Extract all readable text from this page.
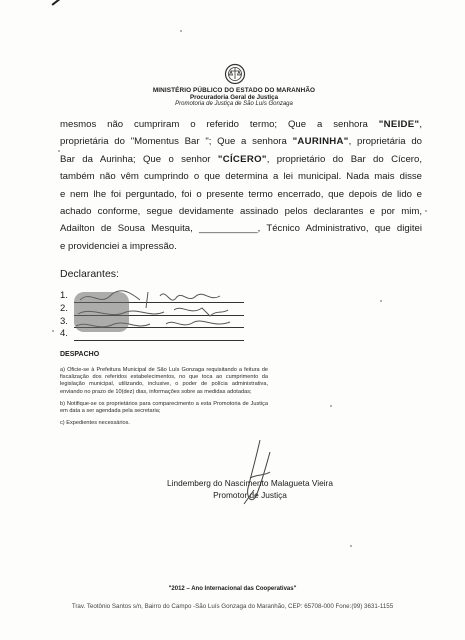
MINISTÉRIO PÚBLICO DO ESTADO DO MARANHÃO
Procuradoria Geral de Justiça
Promotoria de Justiça de São Luís Gonzaga
mesmos não cumpriram o referido termo; Que a senhora "NEIDE",
proprietária do "Momentus Bar "; Que a senhora "AURINHA", proprietária do
Bar da Aurinha; Que o senhor "CÍCERO", proprietário do Bar do Cícero,
também não vêm cumprindo o que determina a lei municipal. Nada mais disse
e nem lhe foi perguntado, foi o presente termo encerrado, que depois de lido e
achado conforme, segue devidamente assinado pelos declarantes e por mim,
Adailton de Sousa Mesquita, ___________, Técnico Administrativo, que digitei
e providenciei a impressão.
Declarantes:
1.
2.
3.
4.
DESPACHO

a) Oficie-se à Prefeitura Municipal de São Luís Gonzaga requisitando a feitura de fiscalização dos referidos estabelecimentos, no que toca ao cumprimento da legislação municipal, utilizando, inclusive, o poder de polícia administrativa, enviando no prazo de 10(dez) dias, informações sobre as medidas adotadas;

b) Notifique-se os proprietários para comparecimento a esta Promotoria de Justiça em data a ser agendada pela secretaria;

c) Expedientes necessários.

Lindemberg do Nascimento Malagueta Vieira
Promotor de Justiça
"2012 – Ano Internacional das Cooperativas"
Trav. Teotônio Santos s/n, Bairro do Campo -São Luís Gonzaga do Maranhão, CEP: 65708-000 Fone:(99) 3631-1155
